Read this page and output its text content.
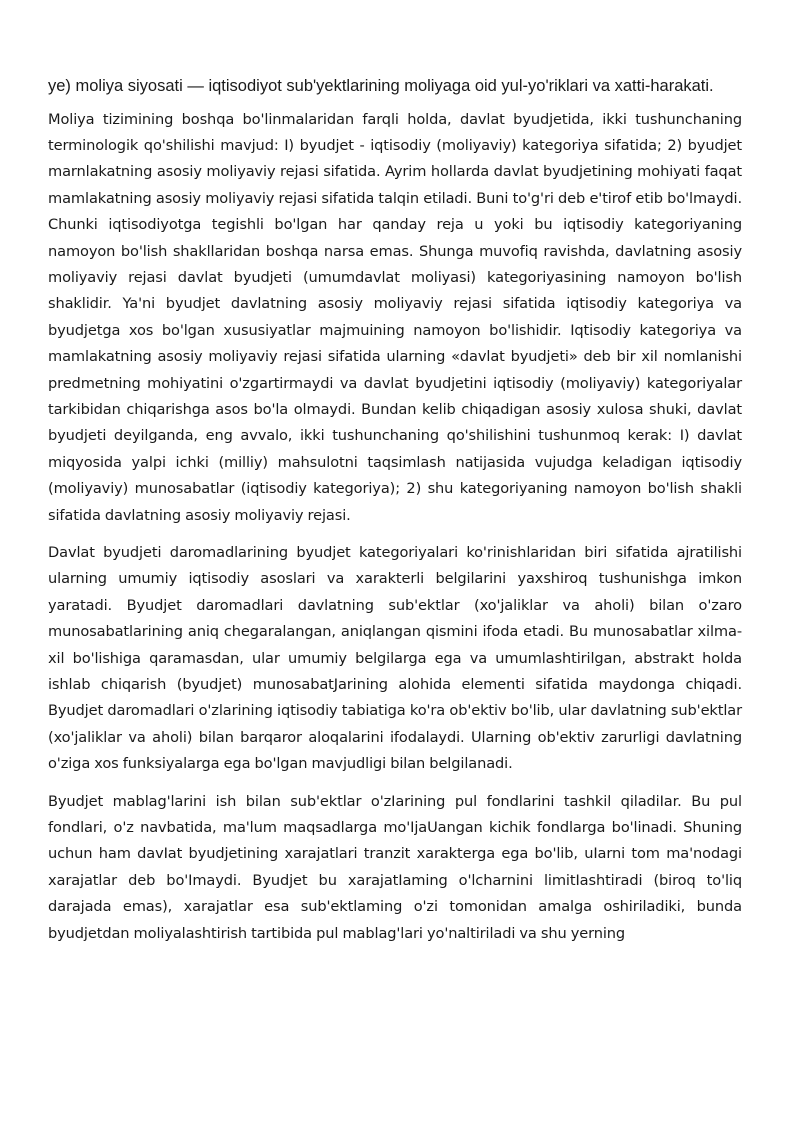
ye) moliya siyosati — iqtisodiyot sub'yektlarining moliyaga oid yul-yo'riklari va xatti-harakati.

Moliya tizimining boshqa bo'linmalaridan farqli holda, davlat byudjetida, ikki tushunchaning terminologik qo'shilishi mavjud: I) byudjet - iqtisodiy (moliyaviy) kategoriya sifatida; 2) byudjet marnlakatning asosiy moliyaviy rejasi sifatida. Ayrim hollarda davlat byudjetining mohiyati faqat mamlakatning asosiy moliyaviy rejasi sifatida talqin etiladi. Buni to'g'ri deb e'tirof etib bo'lmaydi. Chunki iqtisodiyotga tegishli bo'lgan har qanday reja u yoki bu iqtisodiy kategoriyaning namoyon bo'lish shakllaridan boshqa narsa emas. Shunga muvofiq ravishda, davlatning asosiy moliyaviy rejasi davlat byudjeti (umumdavlat moliyasi) kategoriyasining namoyon bo'lish shaklidir. Ya'ni byudjet davlatning asosiy moliyaviy rejasi sifatida iqtisodiy kategoriya va byudjetga xos bo'lgan xususiyatlar majmuining namoyon bo'lishidir. Iqtisodiy kategoriya va mamlakatning asosiy moliyaviy rejasi sifatida ularning «davlat byudjeti» deb bir xil nomlanishi predmetning mohiyatini o'zgartirmaydi va davlat byudjetini iqtisodiy (moliyaviy) kategoriyalar tarkibidan chiqarishga asos bo'la olmaydi. Bundan kelib chiqadigan asosiy xulosa shuki, davlat byudjeti deyilganda, eng avvalo, ikki tushunchaning qo'shilishini tushunmoq kerak: I) davlat miqyosida yalpi ichki (milliy) mahsulotni taqsimlash natijasida vujudga keladigan iqtisodiy (moliyaviy) munosabatlar (iqtisodiy kategoriya); 2) shu kategoriyaning namoyon bo'lish shakli sifatida davlatning asosiy moliyaviy rejasi.

Davlat byudjeti daromadlarining byudjet kategoriyalari ko'rinishlaridan biri sifatida ajratilishi ularning umumiy iqtisodiy asoslari va xarakterli belgilarini yaxshiroq tushunishga imkon yaratadi. Byudjet daromadlari davlatning sub'ektlar (xo'jaliklar va aholi) bilan o'zaro munosabatlarining aniq chegaralangan, aniqlangan qismini ifoda etadi. Bu munosabatlar xilma-xil bo'lishiga qaramasdan, ular umumiy belgilarga ega va umumlashtirilgan, abstrakt holda ishlab chiqarish (byudjet) munosabatJarining alohida elementi sifatida maydonga chiqadi. Byudjet daromadlari o'zlarining iqtisodiy tabiatiga ko'ra ob'ektiv bo'lib, ular davlatning sub'ektlar (xo'jaliklar va aholi) bilan barqaror aloqalarini ifodalaydi. Ularning ob'ektiv zarurligi davlatning o'ziga xos funksiyalarga ega bo'lgan mavjudligi bilan belgilanadi.

Byudjet mablag'larini ish bilan sub'ektlar o'zIarining pul fondlarini tashkil qiladiIar. Bu pul fondlari, o'z navbatida, ma'lum maqsadlarga mo'IjaUangan kichik fondlarga bo'linadi. Shuning uchun ham davIat byudjetining xarajatlari tranzit xarakterga ega bo'lib, uIarni tom ma'nodagi xarajatlar deb bo'Imaydi. Byudjet bu xarajatIaming o'lcharnini limitIashtiradi (biroq to'liq darajada emas), xarajatlar esa sub'ektlaming o'zi tomonidan amalga oshiriladiki, bunda byudjetdan moliyalashtirish tartibida pul mablag'lari yo'naltiriladi va shu yerning
